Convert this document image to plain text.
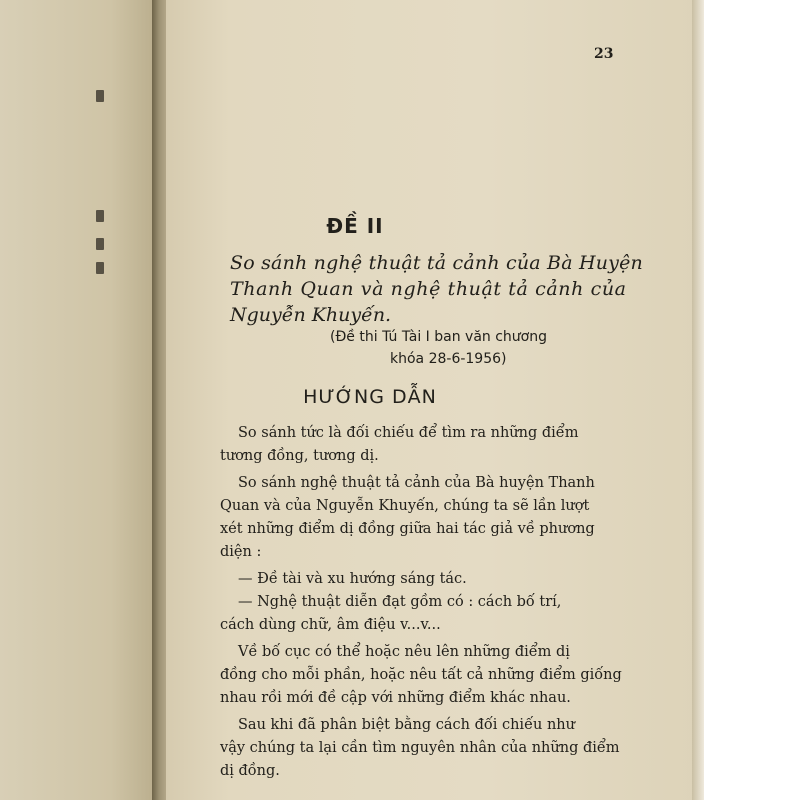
23
ĐỀ II
So sánh nghệ thuật tả cảnh của Bà Huyện
Thanh Quan và nghệ thuật tả cảnh của
Nguyễn Khuyến.
(Đề thi Tú Tài I ban văn chương
khóa 28-6-1956)
HƯỚNG DẪN
So sánh tức là đối chiếu để tìm ra những điểm
tương đồng, tương dị.
So sánh nghệ thuật tả cảnh của Bà huyện Thanh
Quan và của Nguyễn Khuyến, chúng ta sẽ lần lượt
xét những điểm dị đồng giữa hai tác giả về phương
diện :
— Đề tài và xu hướng sáng tác.
— Nghệ thuật diễn đạt gồm có : cách bố trí,
cách dùng chữ, âm điệu v...v...
Về bố cục có thể hoặc nêu lên những điểm dị
đồng cho mỗi phần, hoặc nêu tất cả những điểm giống
nhau rồi mới đề cập với những điểm khác nhau.
Sau khi đã phân biệt bằng cách đối chiếu như
vậy chúng ta lại cần tìm nguyên nhân của những điểm
dị đồng.
